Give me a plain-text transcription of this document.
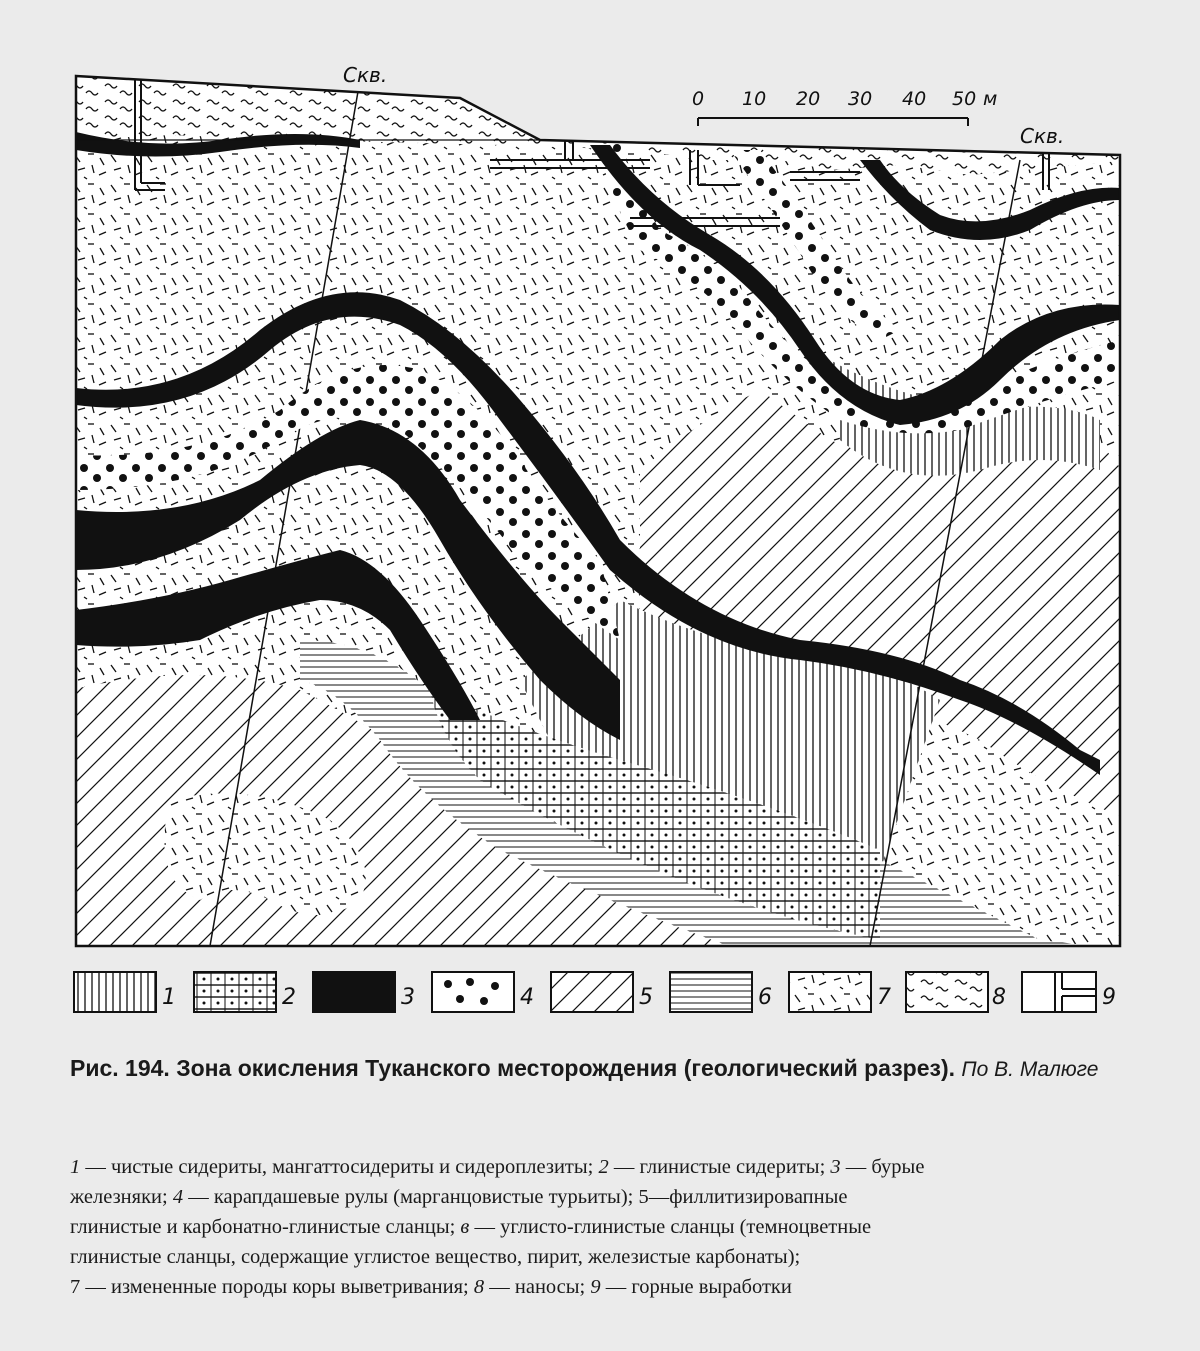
Скв.
Скв.
0 10 20 30 40 50 м
1	2	3	4	5	6	7	8	9
Рис. 194. Зона окисления Туканского месторождения (геологический разрез). По В. Малюге
1 — чистые сидериты, мангаттосидериты и сидероплезиты; 2 — глинистые сидериты; 3 — бурые
железняки; 4 — карапдашевые рулы (марганцовистые турьиты); 5—филлитизировапные
глинистые и карбонатно-глинистые сланцы; в — углисто-глинистые сланцы (темноцветные
глинистые сланцы, содержащие углистое вещество, пирит, железистые карбонаты);
7 — измененные породы коры выветривания; 8 — наносы; 9 — горные выработки
